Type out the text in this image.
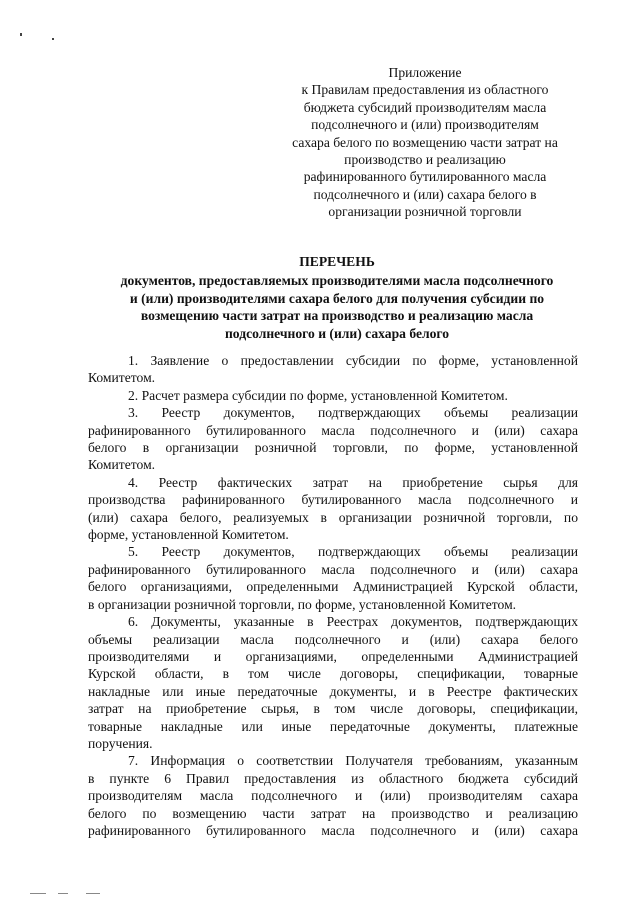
Приложение
к Правилам предоставления из областного
бюджета субсидий производителям масла
подсолнечного и (или) производителям
сахара белого по возмещению части затрат на
производство и реализацию
рафинированного бутилированного масла
подсолнечного и (или) сахара белого в
организации розничной торговли
ПЕРЕЧЕНЬ
документов, предоставляемых производителями масла подсолнечного
и (или) производителями сахара белого для получения субсидии по
возмещению части затрат на производство и реализацию масла
подсолнечного и (или) сахара белого
1. Заявление о предоставлении субсидии по форме, установленной
Комитетом.
2. Расчет размера субсидии по форме, установленной Комитетом.
3. Реестр документов, подтверждающих объемы реализации
рафинированного бутилированного масла подсолнечного и (или) сахара
белого в организации розничной торговли, по форме, установленной
Комитетом.
4. Реестр фактических затрат на приобретение сырья для
производства рафинированного бутилированного масла подсолнечного и
(или) сахара белого, реализуемых в организации розничной торговли, по
форме, установленной Комитетом.
5. Реестр документов, подтверждающих объемы реализации
рафинированного бутилированного масла подсолнечного и (или) сахара
белого организациями, определенными Администрацией Курской области,
в организации розничной торговли, по форме, установленной Комитетом.
6. Документы, указанные в Реестрах документов, подтверждающих
объемы реализации масла подсолнечного и (или) сахара белого
производителями и организациями, определенными Администрацией
Курской области, в том числе договоры, спецификации, товарные
накладные или иные передаточные документы, и в Реестре фактических
затрат на приобретение сырья, в том числе договоры, спецификации,
товарные накладные или иные передаточные документы, платежные
поручения.
7. Информация о соответствии Получателя требованиям, указанным
в пункте 6 Правил предоставления из областного бюджета субсидий
производителям масла подсолнечного и (или) производителям сахара
белого по возмещению части затрат на производство и реализацию
рафинированного бутилированного масла подсолнечного и (или) сахара
